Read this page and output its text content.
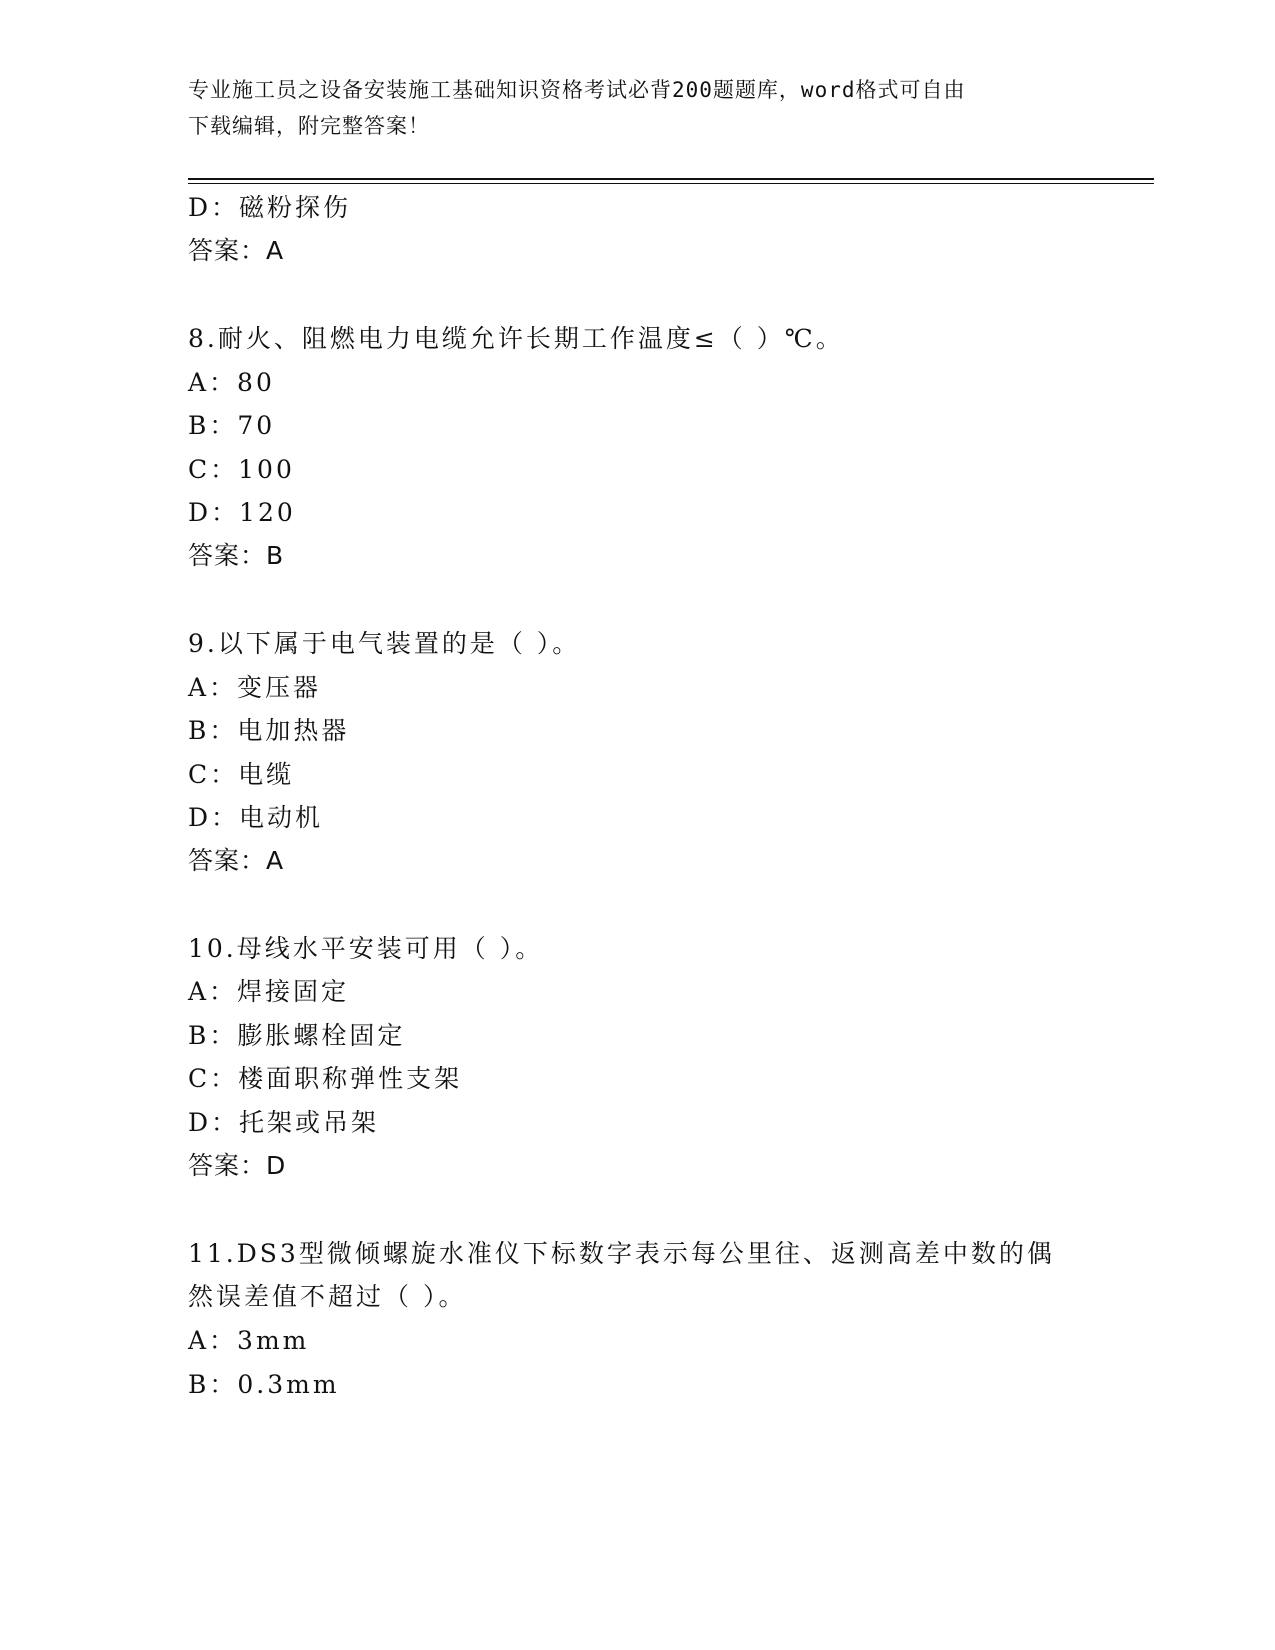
专业施工员之设备安装施工基础知识资格考试必背200题题库，word格式可自由
下载编辑，附完整答案！
D：磁粉探伤
答案：A
8.耐火、阻燃电力电缆允许长期工作温度≤（ ）℃。
A：80
B：70
C：100
D：120
答案：B
9.以下属于电气装置的是（ ）。
A：变压器
B：电加热器
C：电缆
D：电动机
答案：A
10.母线水平安装可用（ ）。
A：焊接固定
B：膨胀螺栓固定
C：楼面职称弹性支架
D：托架或吊架
答案：D
11.DS3型微倾螺旋水准仪下标数字表示每公里往、返测高差中数的偶
然误差值不超过（ ）。
A：3mm
B：0.3mm
